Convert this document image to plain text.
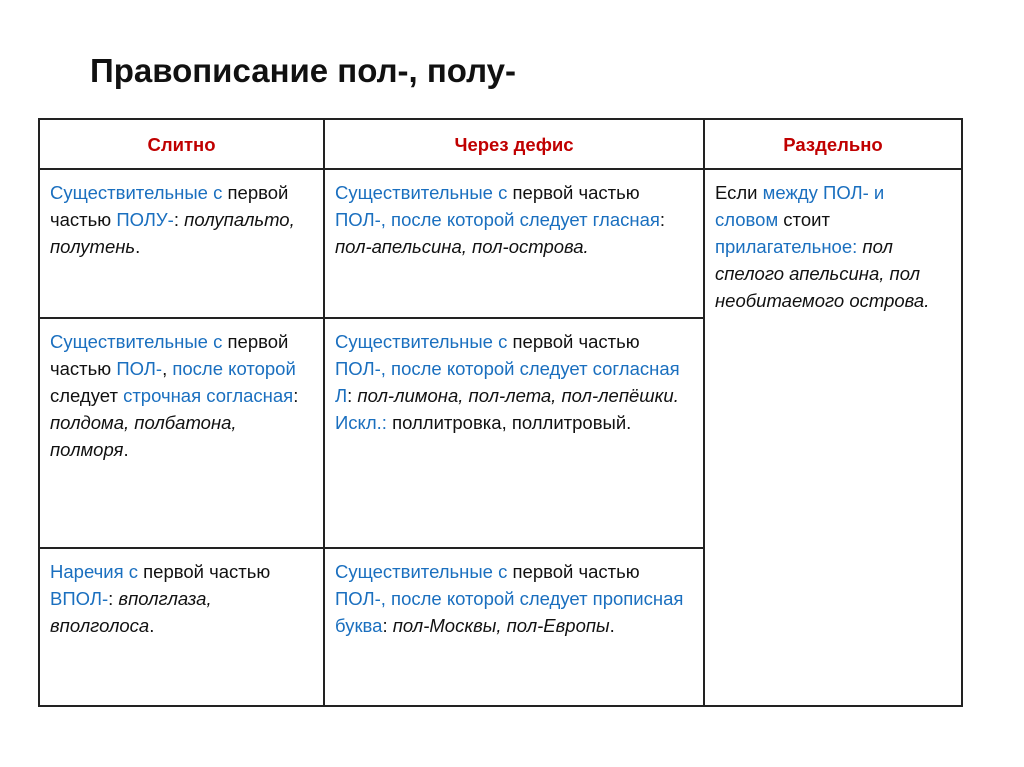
Правописание пол-, полу-
Слитно	Через дефис	Раздельно
Существительные с первой частью ПОЛУ-: полупальто, полутень.	Существительные с первой частью ПОЛ-, после которой следует гласная: пол-апельсина, пол-острова.	Если между ПОЛ- и словом стоит прилагательное: пол спелого апельсина, пол необитаемого острова.
Существительные с первой частью ПОЛ-, после которой следует строчная согласная: полдома, полбатона, полморя.	Существительные с первой частью ПОЛ-, после которой следует согласная Л: пол-лимона, пол-лета, пол-лепёшки. Искл.: поллитровка, поллитровый.	
Наречия с первой частью ВПОЛ-: вполглаза, вполголоса.	Существительные с первой частью ПОЛ-, после которой следует прописная буква: пол-Москвы, пол-Европы.	
